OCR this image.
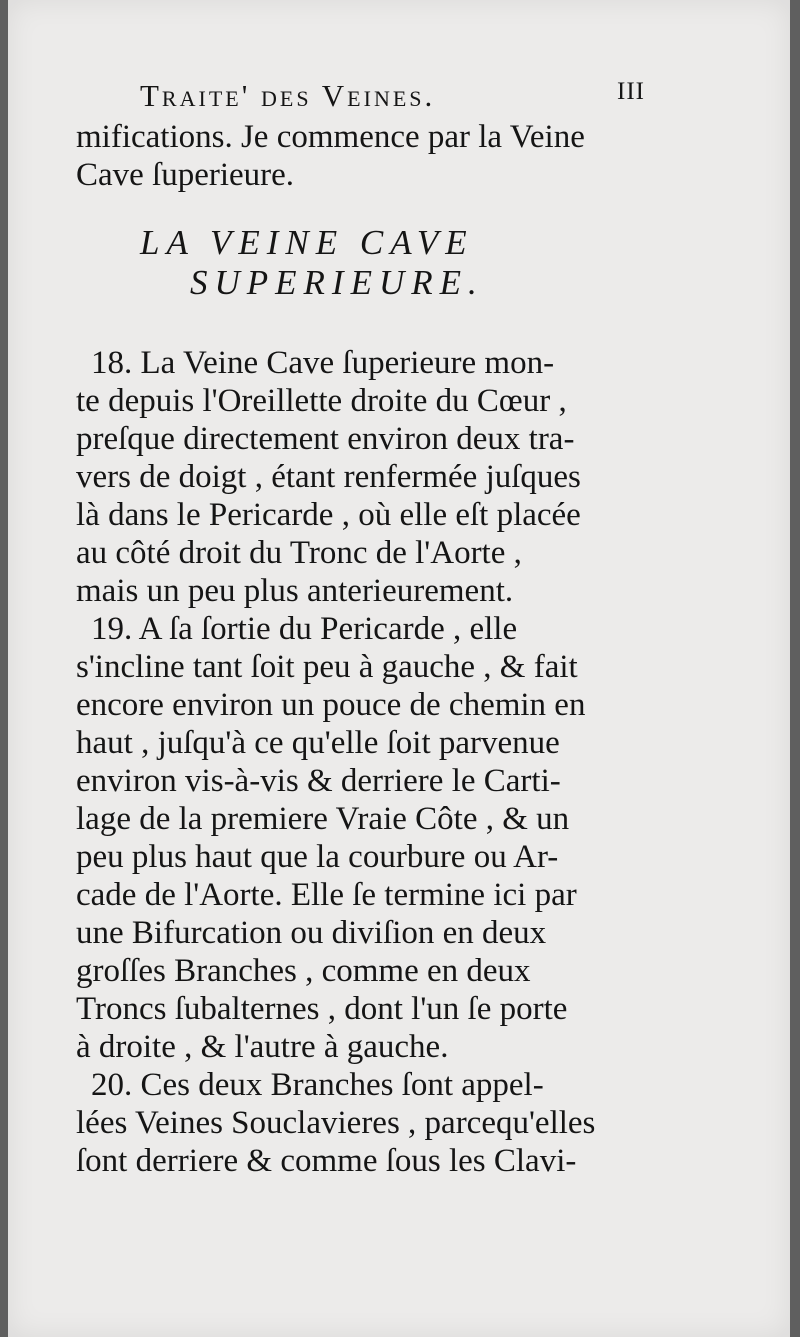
Traite' des Veines.	III
mifications. Je commence par la Veine
Cave ſuperieure.
LA VEINE CAVE
SUPERIEURE.
18. La Veine Cave ſuperieure mon-
te depuis l'Oreillette droite du Cœur ,
preſque directement environ deux tra-
vers de doigt , étant renfermée juſques
là dans le Pericarde , où elle eſt placée
au côté droit du Tronc de l'Aorte ,
mais un peu plus anterieurement.
19. A ſa ſortie du Pericarde , elle
s'incline tant ſoit peu à gauche , & fait
encore environ un pouce de chemin en
haut , juſqu'à ce qu'elle ſoit parvenue
environ vis-à-vis & derriere le Carti-
lage de la premiere Vraie Côte , & un
peu plus haut que la courbure ou Ar-
cade de l'Aorte. Elle ſe termine ici par
une Bifurcation ou diviſion en deux
groſſes Branches , comme en deux
Troncs ſubalternes , dont l'un ſe porte
à droite , & l'autre à gauche.
20. Ces deux Branches ſont appel-
lées Veines Souclavieres , parcequ'elles
ſont derriere & comme ſous les Clavi-
